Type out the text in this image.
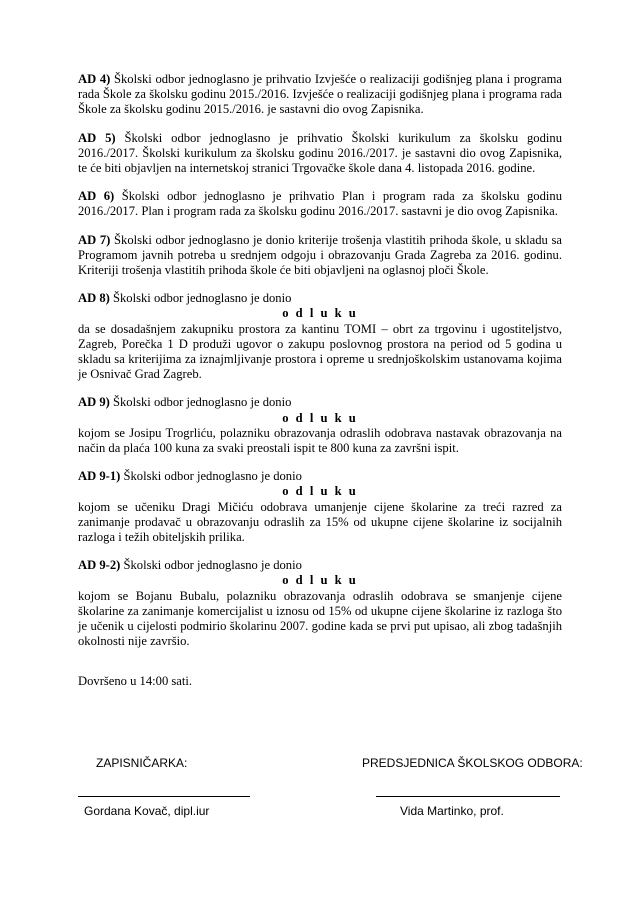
AD 4) Školski odbor jednoglasno je prihvatio Izvješće o realizaciji godišnjeg plana i programa rada Škole za školsku godinu 2015./2016. Izvješće o realizaciji godišnjeg plana i programa rada Škole za školsku godinu 2015./2016. je sastavni dio ovog Zapisnika.

AD 5) Školski odbor jednoglasno je prihvatio Školski kurikulum za školsku godinu 2016./2017. Školski kurikulum za školsku godinu 2016./2017. je sastavni dio ovog Zapisnika, te će biti objavljen na internetskoj stranici Trgovačke škole dana 4. listopada 2016. godine.

AD 6) Školski odbor jednoglasno je prihvatio Plan i program rada za školsku godinu 2016./2017. Plan i program rada za školsku godinu 2016./2017. sastavni je dio ovog Zapisnika.

AD 7) Školski odbor jednoglasno je donio kriterije trošenja vlastitih prihoda škole, u skladu sa Programom javnih potreba u srednjem odgoju i obrazovanju Grada Zagreba za 2016. godinu. Kriteriji trošenja vlastitih prihoda škole će biti objavljeni na oglasnoj ploči Škole.

AD 8) Školski odbor jednoglasno je donio

o d l u k u

da se dosadašnjem zakupniku prostora za kantinu TOMI – obrt za trgovinu i ugostiteljstvo, Zagreb, Porečka 1 D produži ugovor o zakupu poslovnog prostora na period od 5 godina u skladu sa kriterijima za iznajmljivanje prostora i opreme u srednjoškolskim ustanovama kojima je Osnivač Grad Zagreb.
AD 9) Školski odbor jednoglasno je donio

o d l u k u

kojom se Josipu Trogrliću, polazniku obrazovanja odraslih odobrava nastavak obrazovanja na način da plaća 100 kuna za svaki preostali ispit te 800 kuna za završni ispit.
AD 9-1) Školski odbor jednoglasno je donio

o d l u k u

kojom se učeniku Dragi Mičiću odobrava umanjenje cijene školarine za treći razred za zanimanje prodavač u obrazovanju odraslih za 15% od ukupne cijene školarine iz socijalnih razloga i težih obiteljskih prilika.
AD 9-2) Školski odbor jednoglasno je donio

o d l u k u

kojom se Bojanu Bubalu, polazniku obrazovanja odraslih odobrava se smanjenje cijene školarine za zanimanje komercijalist u iznosu od 15% od ukupne cijene školarine iz razloga što je učenik u cijelosti podmirio školarinu 2007. godine kada se prvi put upisao, ali zbog tadašnjih okolnosti nije završio.

Dovršeno u 14:00 sati.

ZAPISNIČARKA:	PREDSJEDNICA ŠKOLSKOG ODBORA:
Gordana Kovač, dipl.iur	Vida Martinko, prof.
